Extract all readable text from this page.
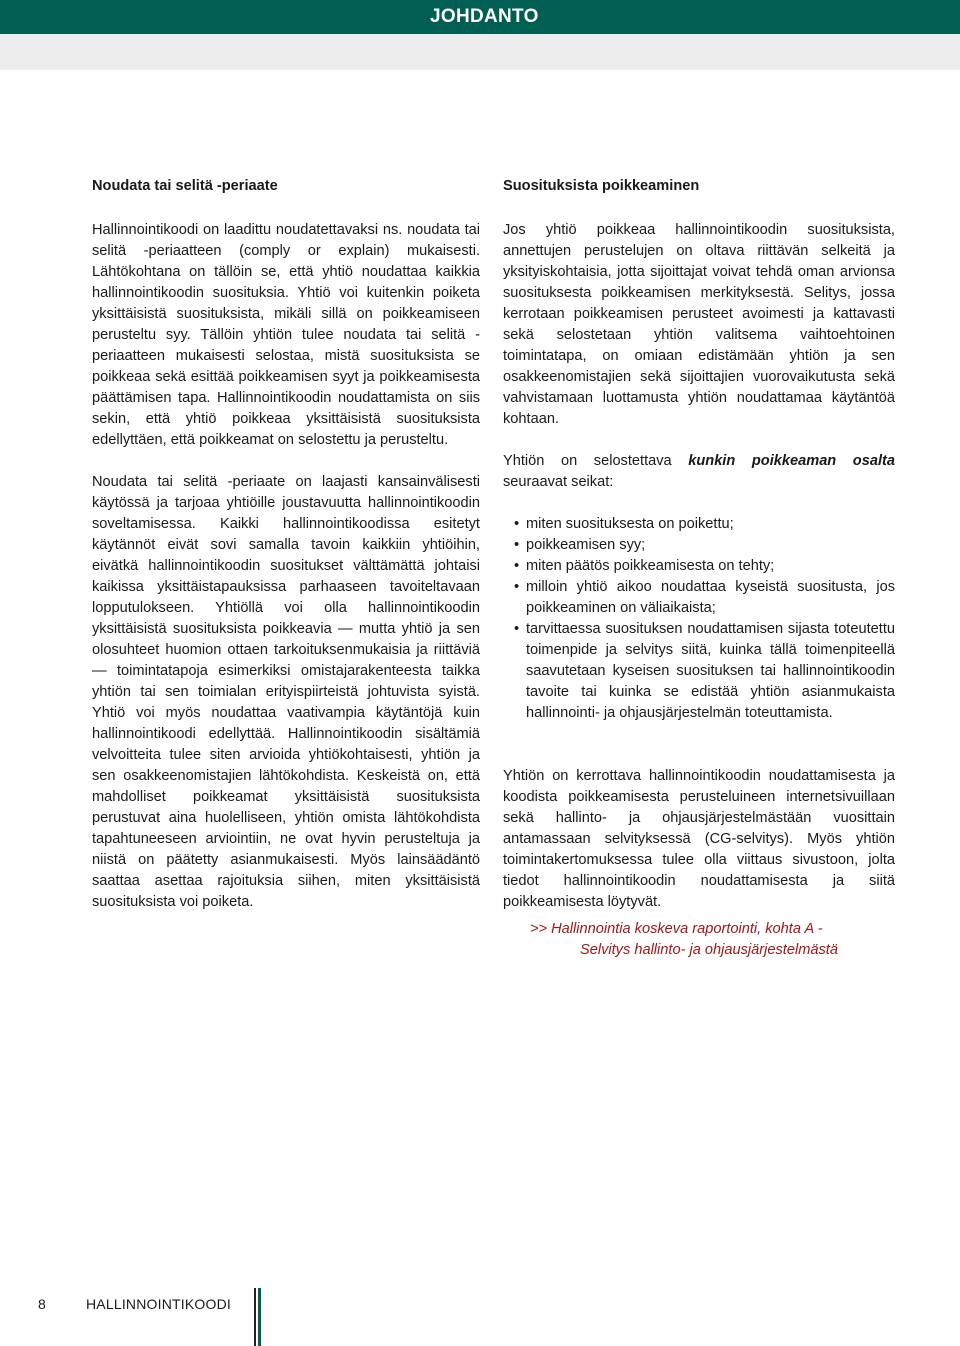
JOHDANTO
Noudata tai selitä -periaate

Hallinnointikoodi on laadittu noudatettavaksi ns. noudata tai selitä -periaatteen (comply or explain) mukaisesti. Lähtökohtana on tällöin se, että yhtiö noudattaa kaikkia hallinnointikoodin suosituksia. Yhtiö voi kuitenkin poiketa yksittäisistä suosituksista, mikäli sillä on poikkeamiseen perusteltu syy. Tällöin yhtiön tulee noudata tai selitä -periaatteen mukaisesti selostaa, mistä suosituksista se poikkeaa sekä esittää poikkeamisen syyt ja poikkeamisesta päättämisen tapa. Hallinnointikoodin noudattamista on siis sekin, että yhtiö poikkeaa yksittäisistä suosituksista edellyttäen, että poikkeamat on selostettu ja perusteltu.

Noudata tai selitä -periaate on laajasti kansainvälisesti käytössä ja tarjoaa yhtiöille joustavuutta hallinnointikoodin soveltamisessa. Kaikki hallinnointikoodissa esitetyt käytännöt eivät sovi samalla tavoin kaikkiin yhtiöihin, eivätkä hallinnointikoodin suositukset välttämättä johtaisi kaikissa yksittäistapauksissa parhaaseen tavoiteltavaan lopputulokseen. Yhtiöllä voi olla hallinnointikoodin yksittäisistä suosituksista poikkeavia — mutta yhtiö ja sen olosuhteet huomion ottaen tarkoituksenmukaisia ja riittäviä — toimintatapoja esimerkiksi omistajarakenteesta taikka yhtiön tai sen toimialan erityispiirteistä johtuvista syistä. Yhtiö voi myös noudattaa vaativampia käytäntöjä kuin hallinnointikoodi edellyttää. Hallinnointikoodin sisältämiä velvoitteita tulee siten arvioida yhtiökohtaisesti, yhtiön ja sen osakkeenomistajien lähtökohdista. Keskeistä on, että mahdolliset poikkeamat yksittäisistä suosituksista perustuvat aina huolelliseen, yhtiön omista lähtökohdista tapahtuneeseen arviointiin, ne ovat hyvin perusteltuja ja niistä on päätetty asianmukaisesti. Myös lainsäädäntö saattaa asettaa rajoituksia siihen, miten yksittäisistä suosituksista voi poiketa.

Suosituksista poikkeaminen

Jos yhtiö poikkeaa hallinnointikoodin suosituksista, annettujen perustelujen on oltava riittävän selkeitä ja yksityiskohtaisia, jotta sijoittajat voivat tehdä oman arvionsa suosituksesta poikkeamisen merkityksestä. Selitys, jossa kerrotaan poikkeamisen perusteet avoimesti ja kattavasti sekä selostetaan yhtiön valitsema vaihtoehtoinen toimintatapa, on omiaan edistämään yhtiön ja sen osakkeenomistajien sekä sijoittajien vuorovaikutusta sekä vahvistamaan luottamusta yhtiön noudattamaa käytäntöä kohtaan.

Yhtiön on selostettava kunkin poikkeaman osalta seuraavat seikat:

• miten suosituksesta on poikettu;
• poikkeamisen syy;
• miten päätös poikkeamisesta on tehty;
• milloin yhtiö aikoo noudattaa kyseistä suositusta, jos poikkeaminen on väliaikaista;
• tarvittaessa suosituksen noudattamisen sijasta toteutettu toimenpide ja selvitys siitä, kuinka tällä toimenpiteellä saavutetaan kyseisen suosituksen tai hallinnointikoodin tavoite tai kuinka se edistää yhtiön asianmukaista hallinnointi- ja ohjausjärjestelmän toteuttamista.

Yhtiön on kerrottava hallinnointikoodin noudattamisesta ja koodista poikkeamisesta perusteluineen internetsivuillaan sekä hallinto- ja ohjausjärjestelmästään vuosittain antamassaan selvityksessä (CG-selvitys). Myös yhtiön toimintakertomuksessa tulee olla viittaus sivustoon, jolta tiedot hallinnointikoodin noudattamisesta ja siitä poikkeamisesta löytyvät.

>> Hallinnointia koskeva raportointi, kohta A -
Selvitys hallinto- ja ohjausjärjestelmästä
8	HALLINNOINTIKOODI
